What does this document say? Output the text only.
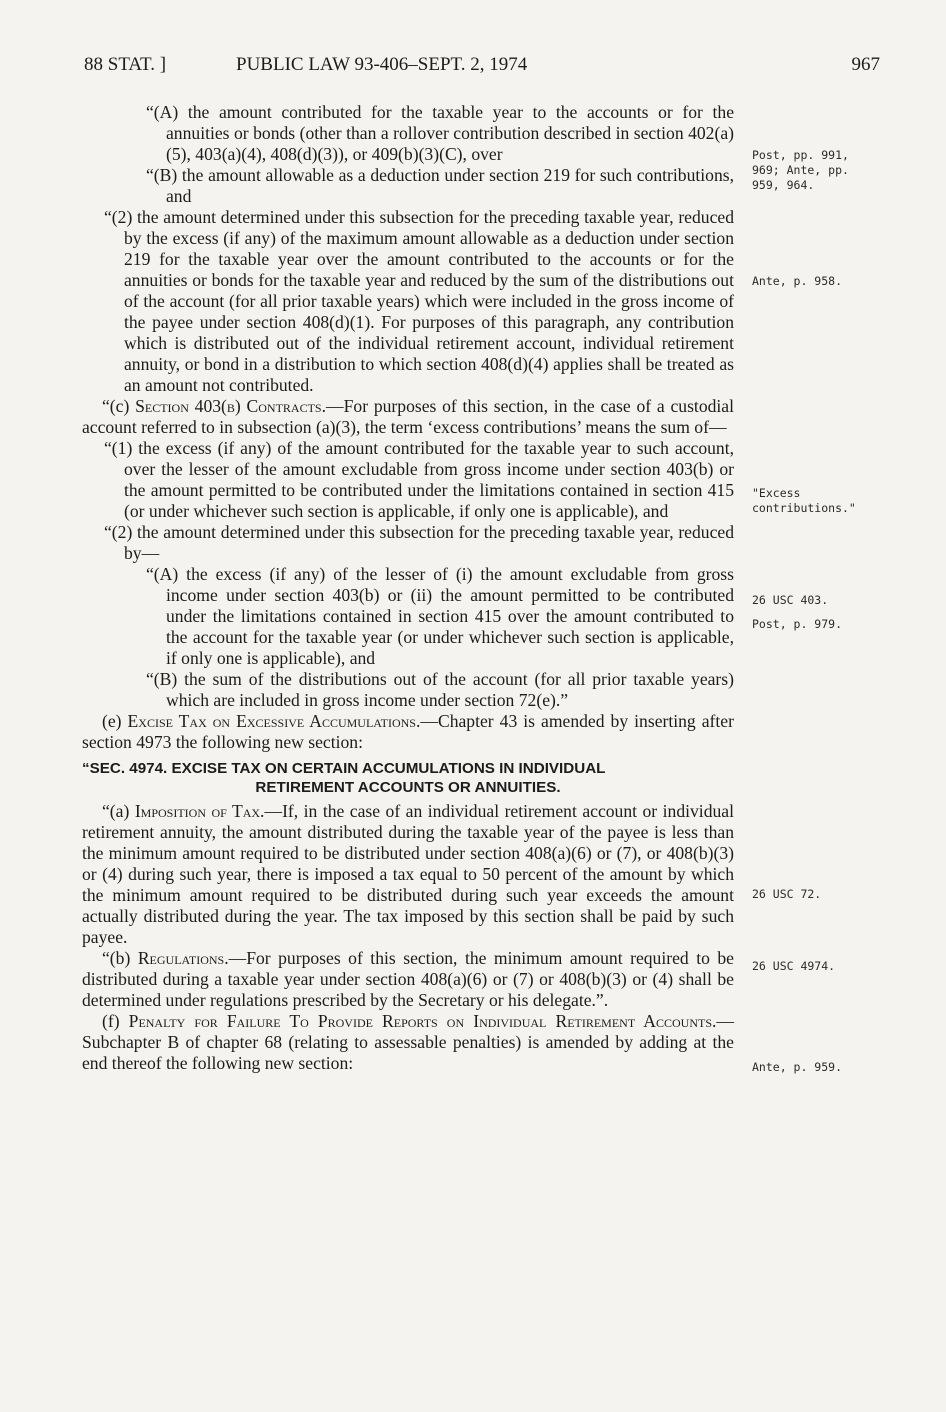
88 STAT. ]	PUBLIC LAW 93-406–SEPT. 2, 1974	967

“(A) the amount contributed for the taxable year to the accounts or for the annuities or bonds (other than a rollover contribution described in section 402(a)(5), 403(a)(4), 408(d)(3)), or 409(b)(3)(C), over

“(B) the amount allowable as a deduction under section 219 for such contributions, and

“(2) the amount determined under this subsection for the preceding taxable year, reduced by the excess (if any) of the maximum amount allowable as a deduction under section 219 for the taxable year over the amount contributed to the accounts or for the annuities or bonds for the taxable year and reduced by the sum of the distributions out of the account (for all prior taxable years) which were included in the gross income of the payee under section 408(d)(1). For purposes of this paragraph, any contribution which is distributed out of the individual retirement account, individual retirement annuity, or bond in a distribution to which section 408(d)(4) applies shall be treated as an amount not contributed.

“(c) Section 403(b) Contracts.—For purposes of this section, in the case of a custodial account referred to in subsection (a)(3), the term ‘excess contributions’ means the sum of—

“(1) the excess (if any) of the amount contributed for the taxable year to such account, over the lesser of the amount excludable from gross income under section 403(b) or the amount permitted to be contributed under the limitations contained in section 415 (or under whichever such section is applicable, if only one is applicable), and

“(2) the amount determined under this subsection for the preceding taxable year, reduced by—

“(A) the excess (if any) of the lesser of (i) the amount excludable from gross income under section 403(b) or (ii) the amount permitted to be contributed under the limitations contained in section 415 over the amount contributed to the account for the taxable year (or under whichever such section is applicable, if only one is applicable), and

“(B) the sum of the distributions out of the account (for all prior taxable years) which are included in gross income under section 72(e).”

(e) Excise Tax on Excessive Accumulations.—Chapter 43 is amended by inserting after section 4973 the following new section:

“SEC. 4974. EXCISE TAX ON CERTAIN ACCUMULATIONS IN INDIVIDUAL
RETIREMENT ACCOUNTS OR ANNUITIES.

“(a) Imposition of Tax.—If, in the case of an individual retirement account or individual retirement annuity, the amount distributed during the taxable year of the payee is less than the minimum amount required to be distributed under section 408(a)(6) or (7), or 408(b)(3) or (4) during such year, there is imposed a tax equal to 50 percent of the amount by which the minimum amount required to be distributed during such year exceeds the amount actually distributed during the year. The tax imposed by this section shall be paid by such payee.

“(b) Regulations.—For purposes of this section, the minimum amount required to be distributed during a taxable year under section 408(a)(6) or (7) or 408(b)(3) or (4) shall be determined under regulations prescribed by the Secretary or his delegate.”.

(f) Penalty for Failure To Provide Reports on Individual Retirement Accounts.—Subchapter B of chapter 68 (relating to assessable penalties) is amended by adding at the end thereof the following new section:

Post, pp. 991, 969; Ante, pp. 959, 964.
Ante, p. 958.
"Excess contributions."
26 USC 403.
Post, p. 979.
26 USC 72.
26 USC 4974.
Ante, p. 959.
